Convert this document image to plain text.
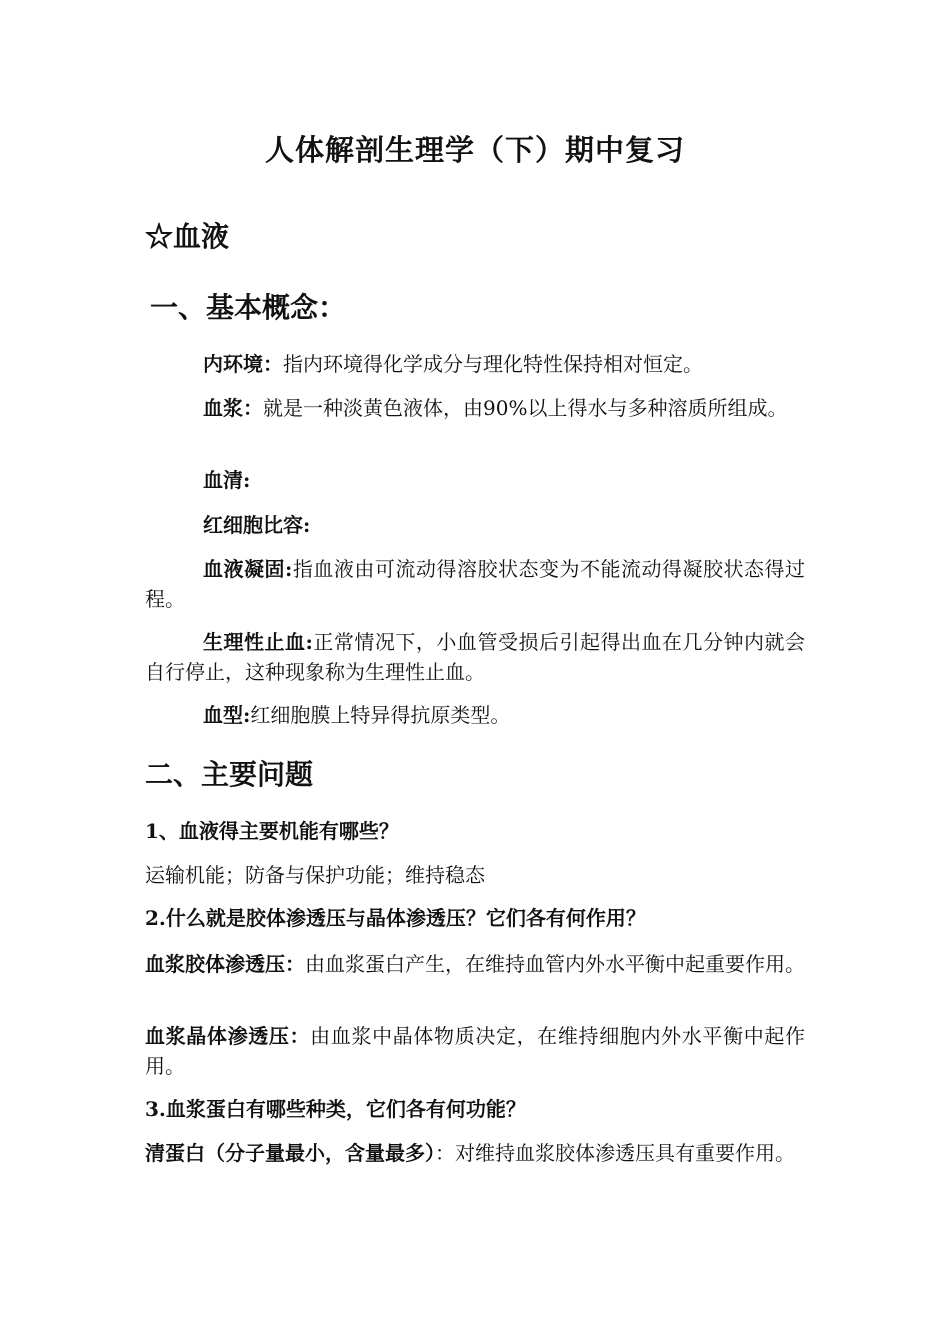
人体解剖生理学（下）期中复习
☆血液
一、基本概念：
内环境：指内环境得化学成分与理化特性保持相对恒定。
血浆：就是一种淡黄色液体，由90%以上得水与多种溶质所组成。
血清:
红细胞比容:
血液凝固:指血液由可流动得溶胶状态变为不能流动得凝胶状态得过程。
生理性止血:正常情况下，小血管受损后引起得出血在几分钟内就会自行停止，这种现象称为生理性止血。
血型:红细胞膜上特异得抗原类型。
二、主要问题
1、血液得主要机能有哪些？
运输机能；防备与保护功能；维持稳态
2.什么就是胶体渗透压与晶体渗透压？它们各有何作用？
血浆胶体渗透压：由血浆蛋白产生，在维持血管内外水平衡中起重要作用。
血浆晶体渗透压：由血浆中晶体物质决定，在维持细胞内外水平衡中起作用。
3.血浆蛋白有哪些种类，它们各有何功能？
清蛋白（分子量最小，含量最多）：对维持血浆胶体渗透压具有重要作用。
